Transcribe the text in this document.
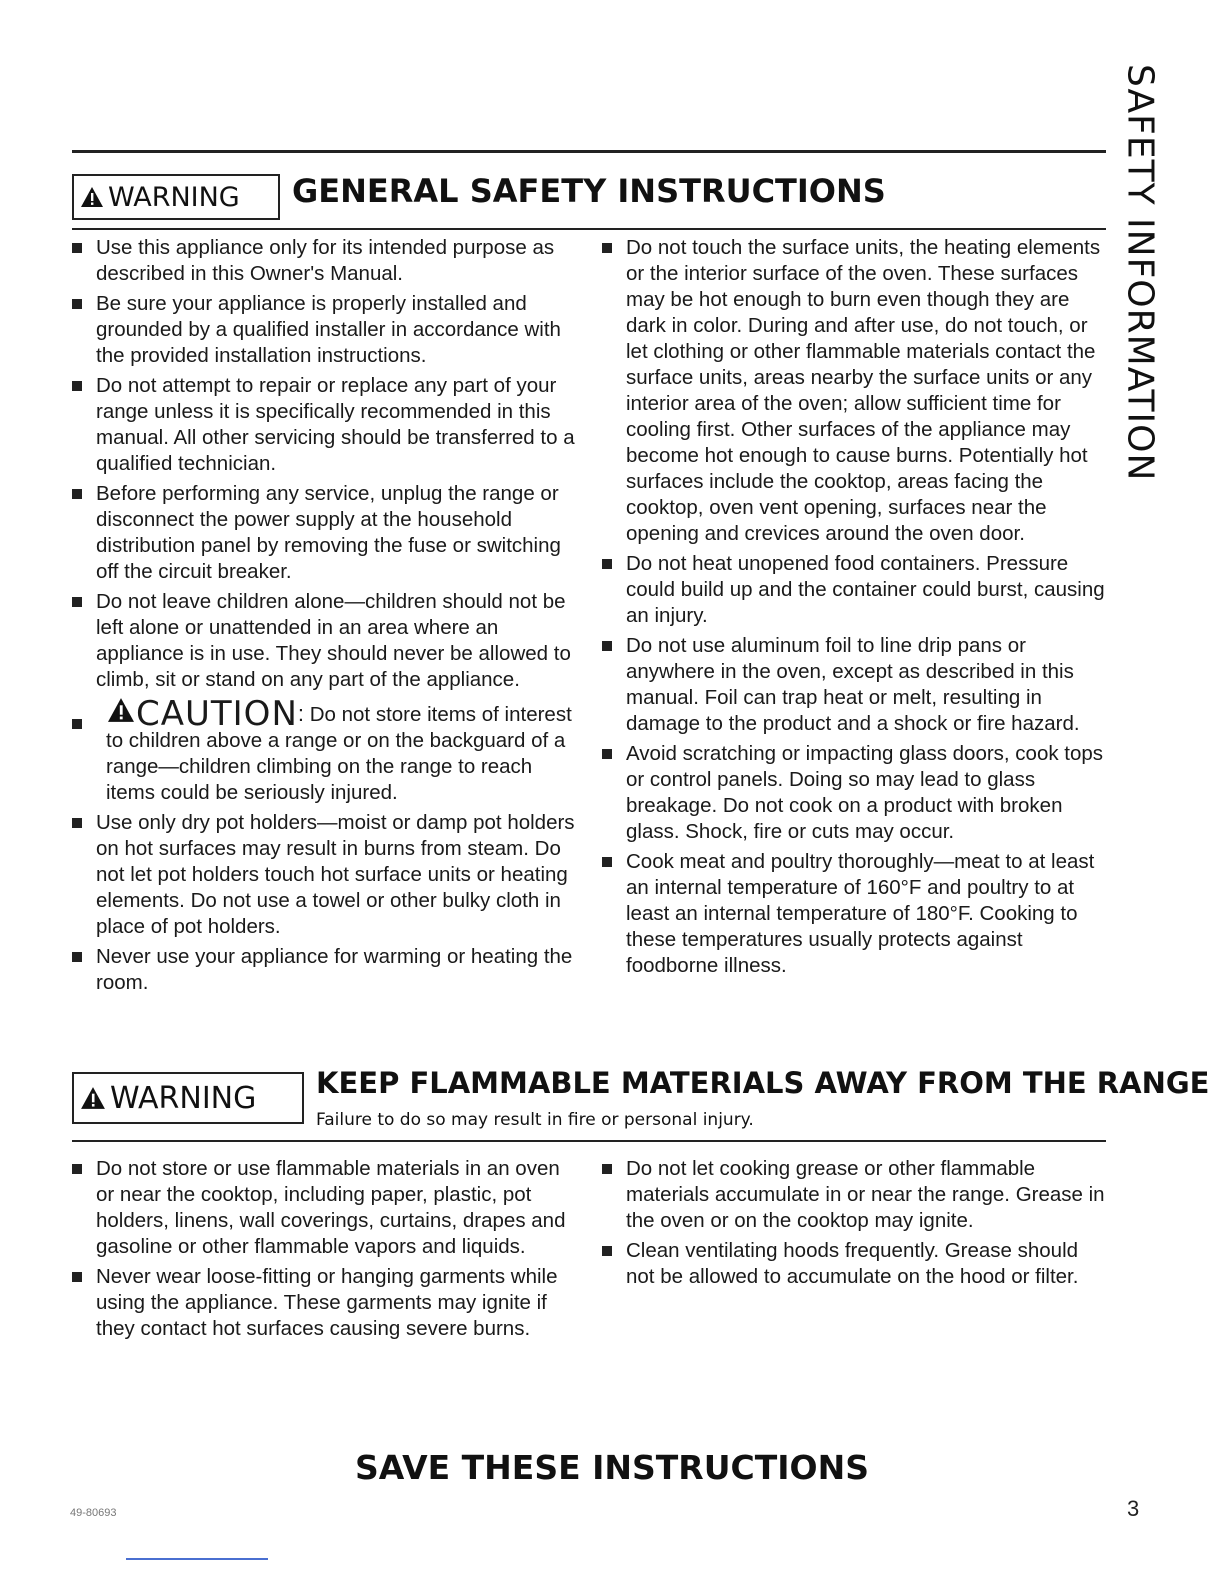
SAFETY INFORMATION
WARNING GENERAL SAFETY INSTRUCTIONS
Use this appliance only for its intended purpose as described in this Owner's Manual.
Be sure your appliance is properly installed and grounded by a qualified installer in accordance with the provided installation instructions.
Do not attempt to repair or replace any part of your range unless it is specifically recommended in this manual. All other servicing should be transferred to a qualified technician.
Before performing any service, unplug the range or disconnect the power supply at the household distribution panel by removing the fuse or switching off the circuit breaker.
Do not leave children alone—children should not be left alone or unattended in an area where an appliance is in use. They should never be allowed to climb, sit or stand on any part of the appliance.
CAUTION: Do not store items of interest to children above a range or on the backguard of a range—children climbing on the range to reach items could be seriously injured.
Use only dry pot holders—moist or damp pot holders on hot surfaces may result in burns from steam. Do not let pot holders touch hot surface units or heating elements. Do not use a towel or other bulky cloth in place of pot holders.
Never use your appliance for warming or heating the room.
Do not touch the surface units, the heating elements or the interior surface of the oven. These surfaces may be hot enough to burn even though they are dark in color. During and after use, do not touch, or let clothing or other flammable materials contact the surface units, areas nearby the surface units or any interior area of the oven; allow sufficient time for cooling first. Other surfaces of the appliance may become hot enough to cause burns. Potentially hot surfaces include the cooktop, areas facing the cooktop, oven vent opening, surfaces near the opening and crevices around the oven door.
Do not heat unopened food containers. Pressure could build up and the container could burst, causing an injury.
Do not use aluminum foil to line drip pans or anywhere in the oven, except as described in this manual. Foil can trap heat or melt, resulting in damage to the product and a shock or fire hazard.
Avoid scratching or impacting glass doors, cook tops or control panels. Doing so may lead to glass breakage. Do not cook on a product with broken glass. Shock, fire or cuts may occur.
Cook meat and poultry thoroughly—meat to at least an internal temperature of 160°F and poultry to at least an internal temperature of 180°F. Cooking to these temperatures usually protects against foodborne illness.
WARNING KEEP FLAMMABLE MATERIALS AWAY FROM THE RANGE
Failure to do so may result in fire or personal injury.
Do not store or use flammable materials in an oven or near the cooktop, including paper, plastic, pot holders, linens, wall coverings, curtains, drapes and gasoline or other flammable vapors and liquids.
Never wear loose-fitting or hanging garments while using the appliance. These garments may ignite if they contact hot surfaces causing severe burns.
Do not let cooking grease or other flammable materials accumulate in or near the range. Grease in the oven or on the cooktop may ignite.
Clean ventilating hoods frequently. Grease should not be allowed to accumulate on the hood or filter.
SAVE THESE INSTRUCTIONS
49-80693	3
